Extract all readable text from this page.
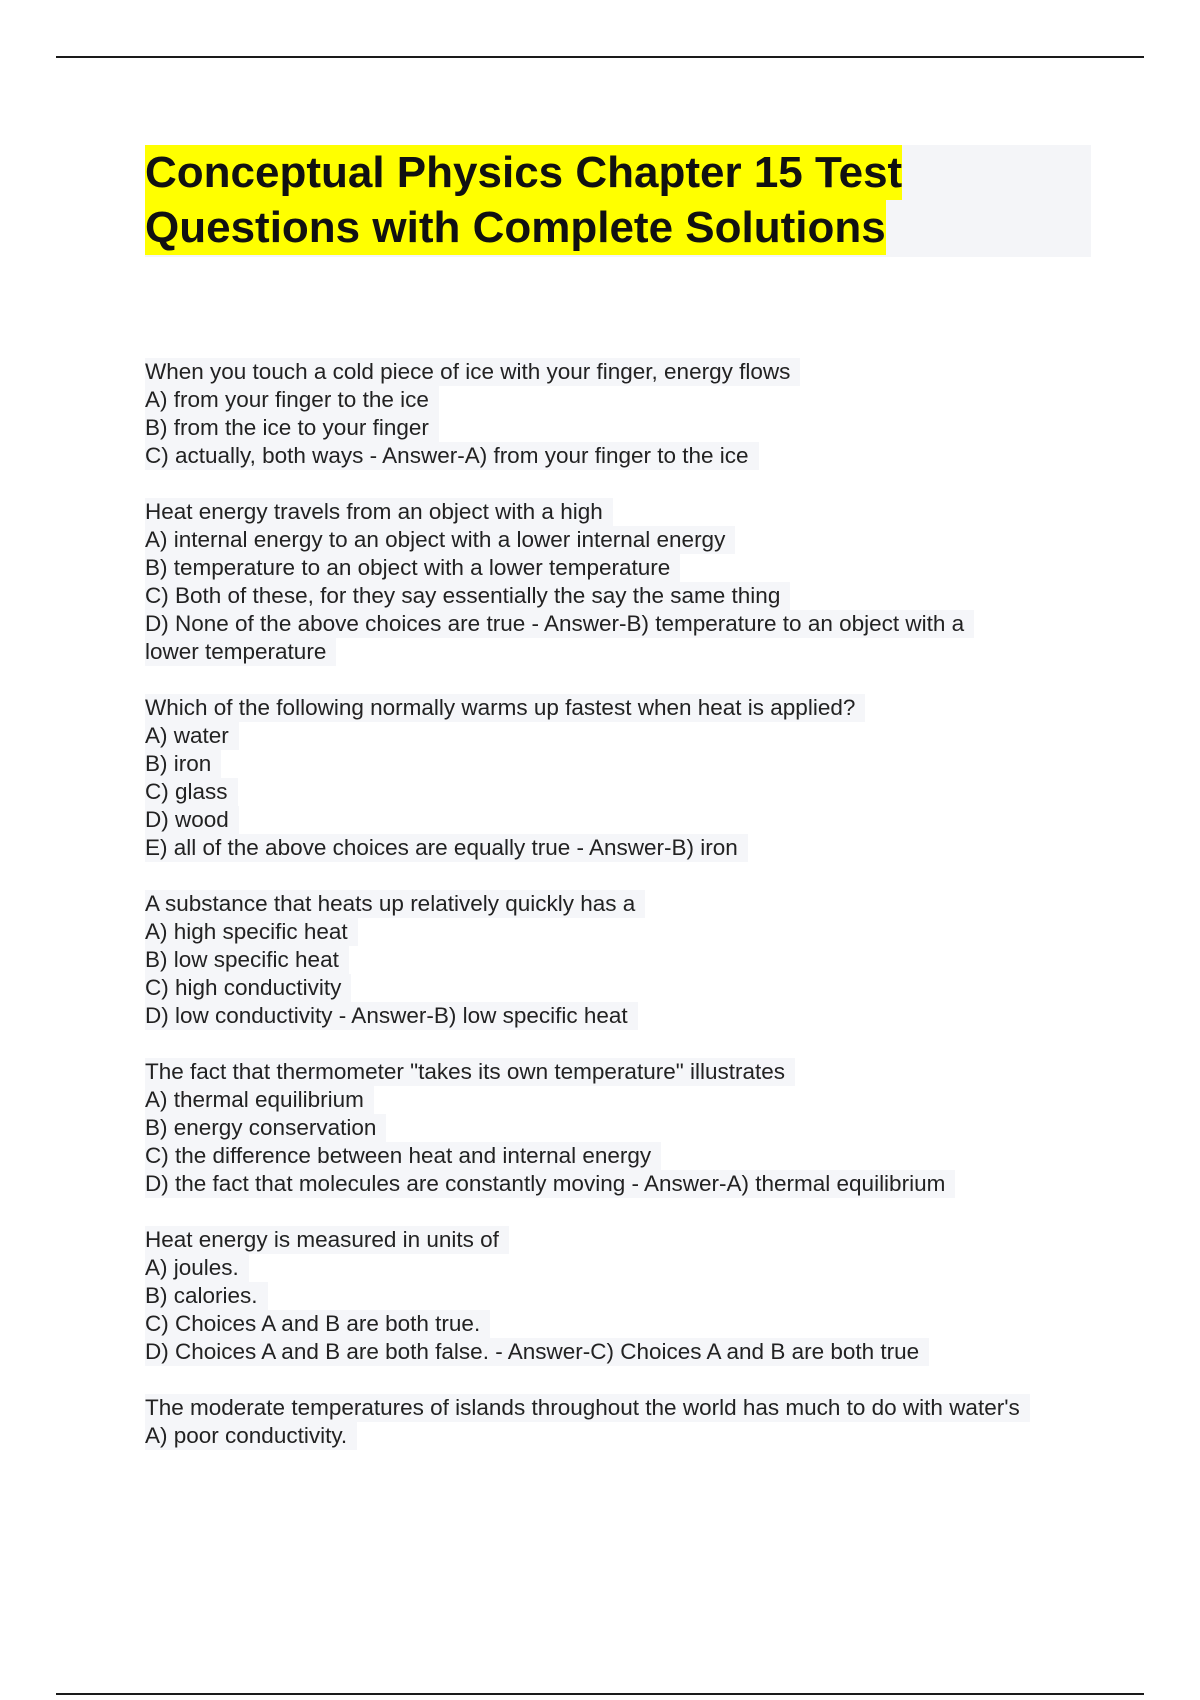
Conceptual Physics Chapter 15 Test
Questions with Complete Solutions
When you touch a cold piece of ice with your finger, energy flows
A) from your finger to the ice
B) from the ice to your finger
C) actually, both ways - Answer-A) from your finger to the ice
Heat energy travels from an object with a high
A) internal energy to an object with a lower internal energy
B) temperature to an object with a lower temperature
C) Both of these, for they say essentially the say the same thing
D) None of the above choices are true - Answer-B) temperature to an object with a
lower temperature
Which of the following normally warms up fastest when heat is applied?
A) water
B) iron
C) glass
D) wood
E) all of the above choices are equally true - Answer-B) iron
A substance that heats up relatively quickly has a
A) high specific heat
B) low specific heat
C) high conductivity
D) low conductivity - Answer-B) low specific heat
The fact that thermometer "takes its own temperature" illustrates
A) thermal equilibrium
B) energy conservation
C) the difference between heat and internal energy
D) the fact that molecules are constantly moving - Answer-A) thermal equilibrium
Heat energy is measured in units of
A) joules.
B) calories.
C) Choices A and B are both true.
D) Choices A and B are both false. - Answer-C) Choices A and B are both true
The moderate temperatures of islands throughout the world has much to do with water's
A) poor conductivity.
